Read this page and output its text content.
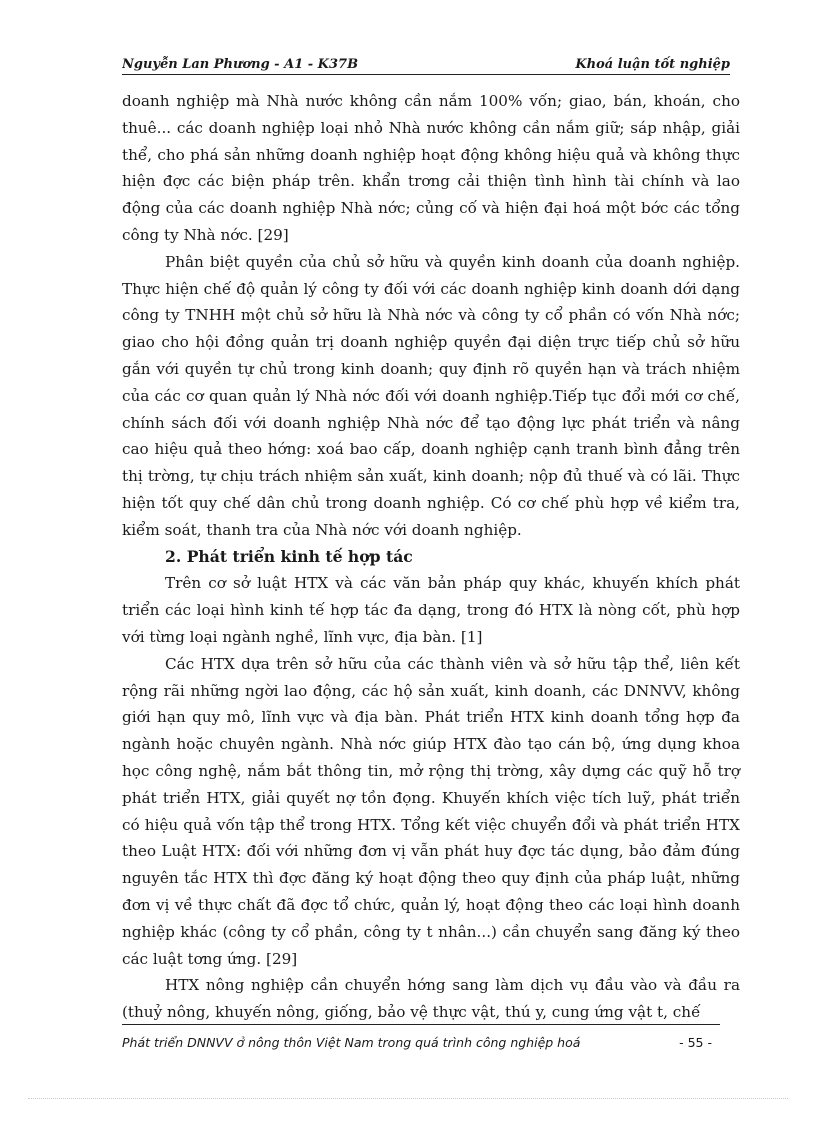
Nguyễn Lan Phương - A1 - K37B	Khoá luận tốt nghiệp

doanh nghiệp mà Nhà nước không cần nắm 100% vốn; giao, bán, khoán, cho thuê... các doanh nghiệp loại nhỏ Nhà nước không cần nắm giữ; sáp nhập, giải thể, cho phá sản những doanh nghiệp hoạt động không hiệu quả và không thực hiện đợc các biện pháp trên. khẩn trơng cải thiện tình hình tài chính và lao động của các doanh nghiệp Nhà nớc; củng cố và hiện đại hoá một bớc các tổng công ty Nhà nớc. [29]

Phân biệt quyền của chủ sở hữu và quyền kinh doanh của doanh nghiệp. Thực hiện chế độ quản lý công ty đối với các doanh nghiệp kinh doanh dới dạng công ty TNHH một chủ sở hữu là Nhà nớc và công ty cổ phần có vốn Nhà nớc; giao cho hội đồng quản trị doanh nghiệp quyền đại diện trực tiếp chủ sở hữu gắn với quyền tự chủ trong kinh doanh; quy định rõ quyền hạn và trách nhiệm của các cơ quan quản lý Nhà nớc đối với doanh nghiệp.Tiếp tục đổi mới cơ chế, chính sách đối với doanh nghiệp Nhà nớc để tạo động lực phát triển và nâng cao hiệu quả theo hớng: xoá bao cấp, doanh nghiệp cạnh tranh bình đẳng trên thị trờng, tự chịu trách nhiệm sản xuất, kinh doanh; nộp đủ thuế và có lãi. Thực hiện tốt quy chế dân chủ trong doanh nghiệp. Có cơ chế phù hợp về kiểm tra, kiểm soát, thanh tra của Nhà nớc với doanh nghiệp.

2. Phát triển kinh tế hợp tác

Trên cơ sở luật HTX và các văn bản pháp quy khác, khuyến khích phát triển các loại hình kinh tế hợp tác đa dạng, trong đó HTX là nòng cốt, phù hợp với từng loại ngành nghề, lĩnh vực, địa bàn. [1]

Các HTX dựa trên sở hữu của các thành viên và sở hữu tập thể, liên kết rộng rãi những ngời lao động, các hộ sản xuất, kinh doanh, các DNNVV, không giới hạn quy mô, lĩnh vực và địa bàn. Phát triển HTX kinh doanh tổng hợp đa ngành hoặc chuyên ngành. Nhà nớc giúp HTX đào tạo cán bộ, ứng dụng khoa học công nghệ, nắm bắt thông tin, mở rộng thị trờng, xây dựng các quỹ hỗ trợ phát triển HTX, giải quyết nợ tồn đọng. Khuyến khích việc tích luỹ, phát triển có hiệu quả vốn tập thể trong HTX. Tổng kết việc chuyển đổi và phát triển HTX theo Luật HTX: đối với những đơn vị vẫn phát huy đợc tác dụng, bảo đảm đúng nguyên tắc HTX thì đợc đăng ký hoạt động theo quy định của pháp luật, những đơn vị về thực chất đã đợc tổ chức, quản lý, hoạt động theo các loại hình doanh nghiệp khác (công ty cổ phần, công ty t nhân...) cần chuyển sang đăng ký theo các luật tơng ứng. [29]

HTX nông nghiệp cần chuyển hớng sang làm dịch vụ đầu vào và đầu ra (thuỷ nông, khuyến nông, giống, bảo vệ thực vật, thú y, cung ứng vật t, chế

Phát triển DNNVV ở nông thôn Việt Nam trong quá trình công nghiệp hoá	- 55 -
